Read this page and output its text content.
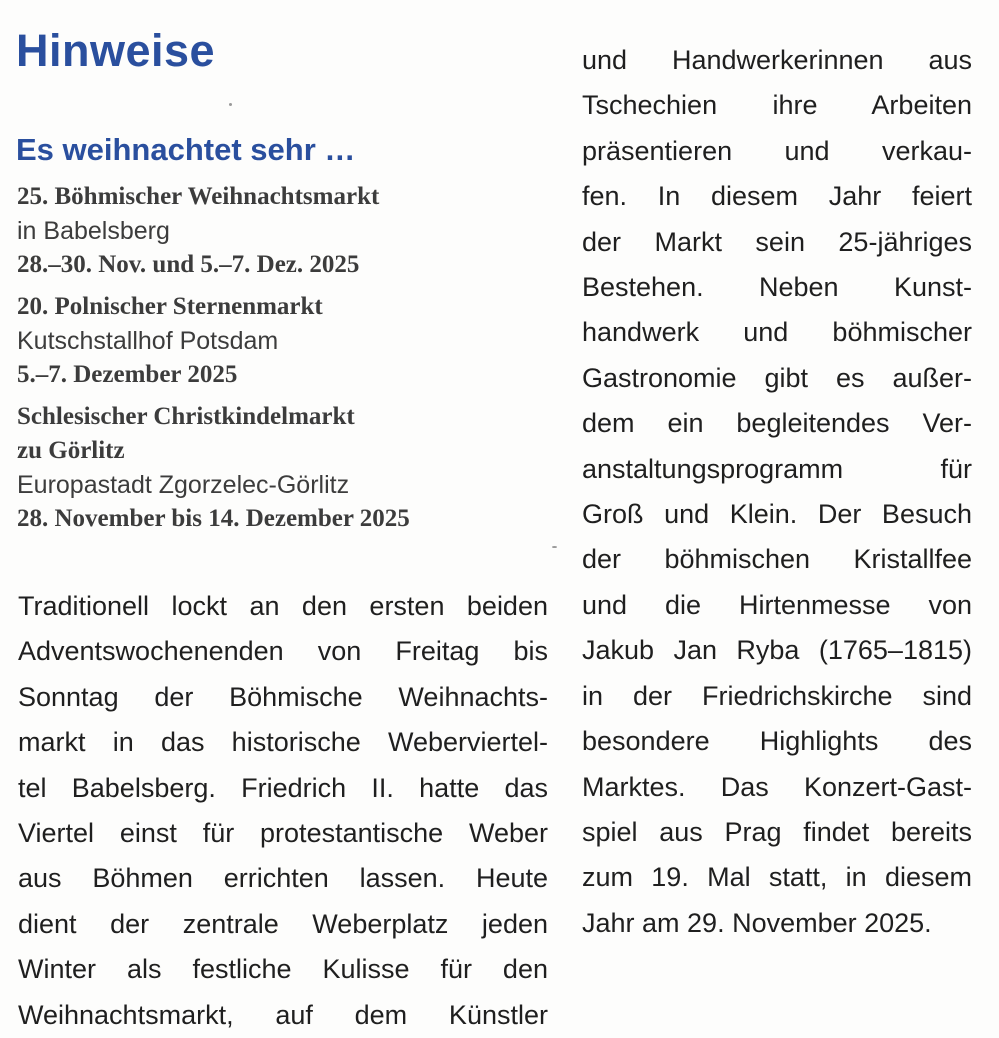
Hinweise
Es weihnachtet sehr …
25. Böhmischer Weihnachtsmarkt
in Babelsberg
28.–30. Nov. und 5.–7. Dez. 2025
20. Polnischer Sternenmarkt
Kutschstallhof Potsdam
5.–7. Dezember 2025
Schlesischer Christkindelmarkt
zu Görlitz
Europastadt Zgorzelec-Görlitz
28. November bis 14. Dezember 2025
Traditionell lockt an den ersten beiden
Adventswochenenden von Freitag bis
Sonntag der Böhmische Weihnachts-
markt in das historische Weberviertel-
tel Babelsberg. Friedrich II. hatte das
Viertel einst für protestantische Weber
aus Böhmen errichten lassen. Heute
dient der zentrale Weberplatz jeden
Winter als festliche Kulisse für den
Weihnachtsmarkt, auf dem Künstler
und Handwerkerinnen aus
Tschechien ihre Arbeiten
präsentieren und verkau-
fen. In diesem Jahr feiert
der Markt sein 25-jähriges
Bestehen. Neben Kunst-
handwerk und böhmischer
Gastronomie gibt es außer-
dem ein begleitendes Ver-
anstaltungsprogramm für
Groß und Klein. Der Besuch
der böhmischen Kristallfee
und die Hirtenmesse von
Jakub Jan Ryba (1765–1815)
in der Friedrichskirche sind
besondere Highlights des
Marktes. Das Konzert-Gast-
spiel aus Prag findet bereits
zum 19. Mal statt, in diesem
Jahr am 29. November 2025.
